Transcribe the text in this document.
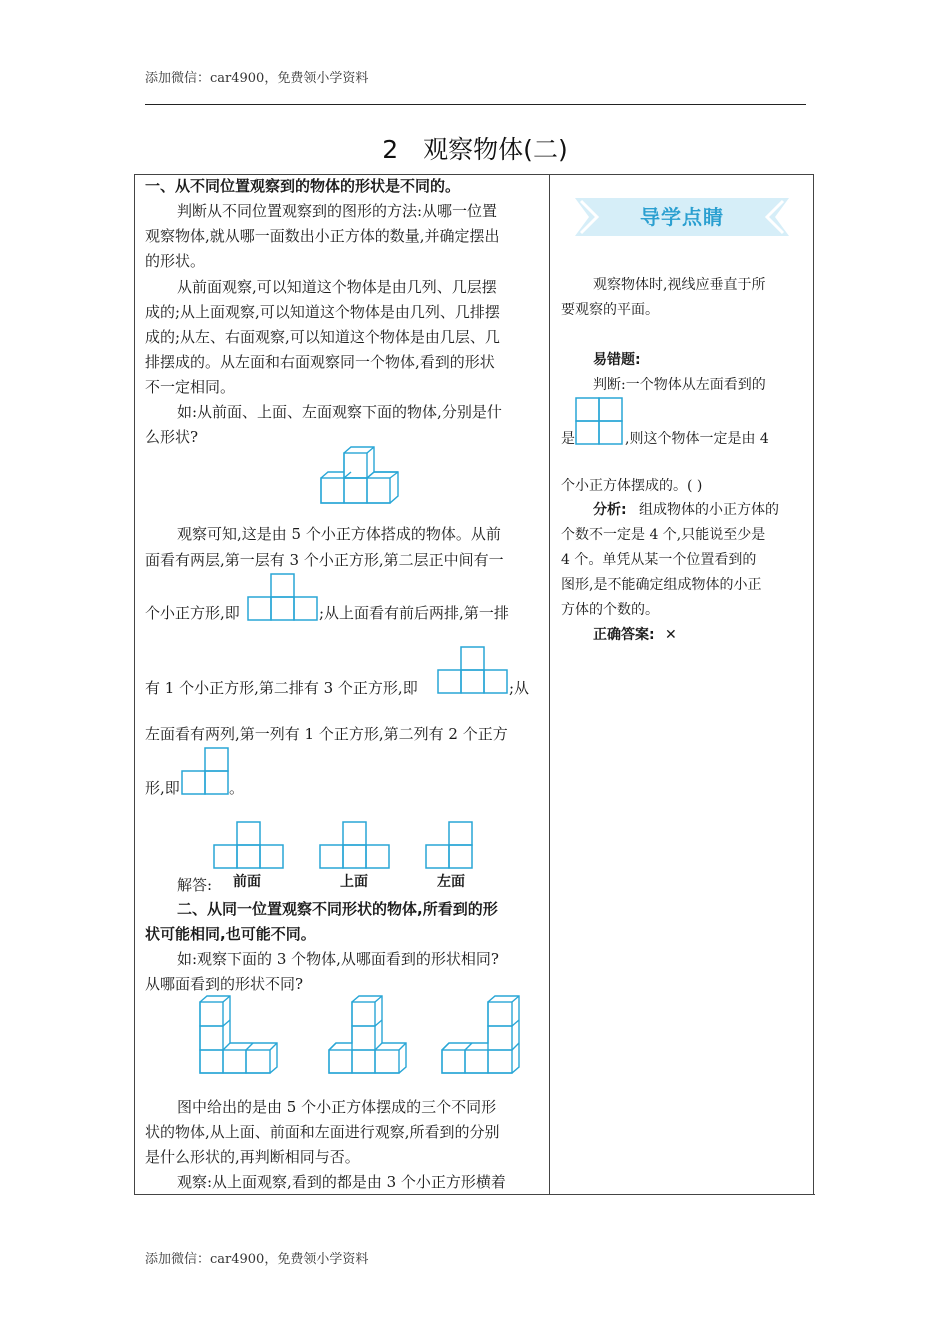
添加微信：car4900，免费领小学资料
2　观察物体(二)
一、从不同位置观察到的物体的形状是不同的。
判断从不同位置观察到的图形的方法:从哪一位置
观察物体,就从哪一面数出小正方体的数量,并确定摆出
的形状。
从前面观察,可以知道这个物体是由几列、几层摆
成的;从上面观察,可以知道这个物体是由几列、几排摆
成的;从左、右面观察,可以知道这个物体是由几层、几
排摆成的。从左面和右面观察同一个物体,看到的形状
不一定相同。
如:从前面、上面、左面观察下面的物体,分别是什
么形状?
观察可知,这是由 5 个小正方体搭成的物体。从前
面看有两层,第一层有 3 个小正方形,第二层正中间有一
个小正方形,即	;从上面看有前后两排,第一排
有 1 个小正方形,第二排有 3 个正方形,即	;从
左面看有两列,第一列有 1 个正方形,第二列有 2 个正方
形,即	。
解答: 前面	上面	左面
二、从同一位置观察不同形状的物体,所看到的形
状可能相同,也可能不同。
如:观察下面的 3 个物体,从哪面看到的形状相同?
从哪面看到的形状不同?
图中给出的是由 5 个小正方体摆成的三个不同形
状的物体,从上面、前面和左面进行观察,所看到的分别
是什么形状的,再判断相同与否。
观察:从上面观察,看到的都是由 3 个小正方形横着
导学点睛
观察物体时,视线应垂直于所
要观察的平面。
易错题:
判断:一个物体从左面看到的
是	,则这个物体一定是由 4
个小正方体摆成的。( )
分析: 组成物体的小正方体的
个数不一定是 4 个,只能说至少是
4 个。单凭从某一个位置看到的
图形,是不能确定组成物体的小正
方体的个数的。
正确答案: ✕
添加微信：car4900，免费领小学资料
